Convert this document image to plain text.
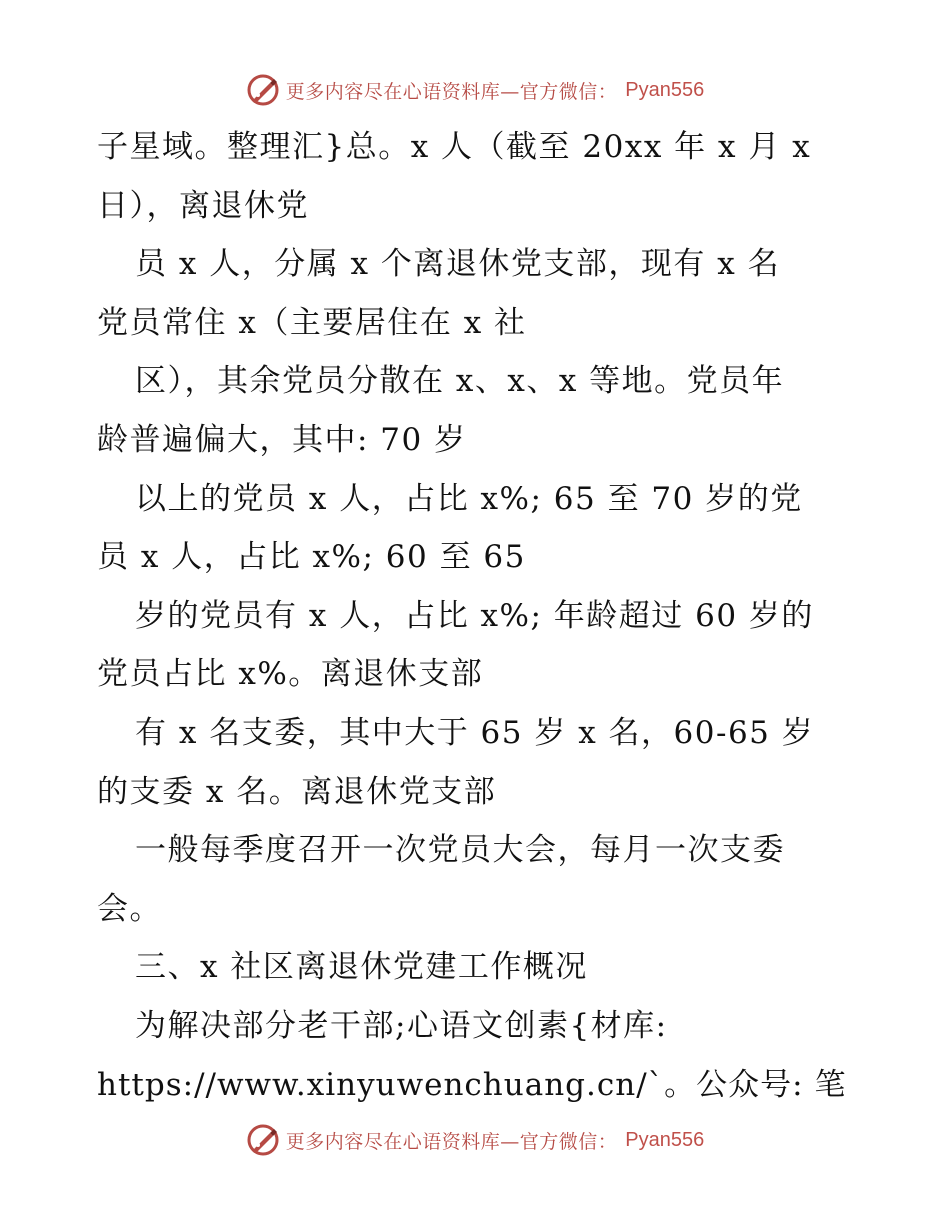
更多内容尽在心语资料库—官方微信： Pyan556
子星域。整理汇}总。x 人（截至 20xx 年 x 月 x
日），离退休党
员 x 人，分属 x 个离退休党支部，现有 x 名
党员常住 x（主要居住在 x 社
区），其余党员分散在 x、x、x 等地。党员年
龄普遍偏大，其中: 70 岁
以上的党员 x 人，占比 x%; 65 至 70 岁的党
员 x 人，占比 x%; 60 至 65
岁的党员有 x 人，占比 x%; 年龄超过 60 岁的
党员占比 x%。离退休支部
有 x 名支委，其中大于 65 岁 x 名，60-65 岁
的支委 x 名。离退休党支部
一般每季度召开一次党员大会，每月一次支委
会。
三、x 社区离退休党建工作概况
为解决部分老干部;心语文创素{材库:
https://www.xinyuwenchuang.cn/`。公众号: 笔
更多内容尽在心语资料库—官方微信： Pyan556
